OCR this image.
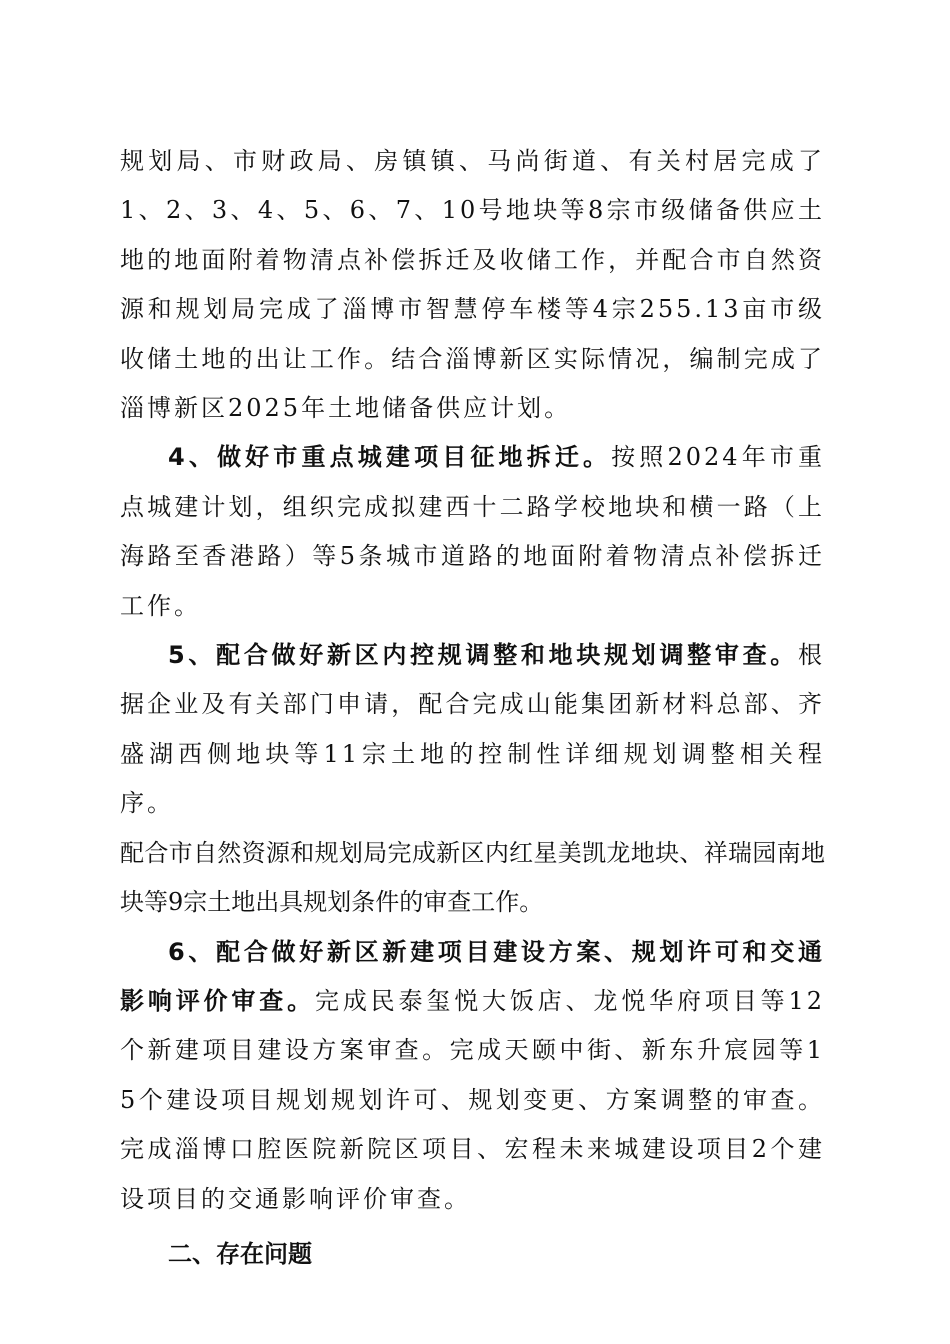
规划局、市财政局、房镇镇、马尚街道、有关村居完成了1、2、3、4、5、6、7、10号地块等8宗市级储备供应土地的地面附着物清点补偿拆迁及收储工作，并配合市自然资源和规划局完成了淄博市智慧停车楼等4宗255.13亩市级收储土地的出让工作。结合淄博新区实际情况，编制完成了淄博新区2025年土地储备供应计划。

4、做好市重点城建项目征地拆迁。按照2024年市重点城建计划，组织完成拟建西十二路学校地块和横一路（上海路至香港路）等5条城市道路的地面附着物清点补偿拆迁工作。

5、配合做好新区内控规调整和地块规划调整审查。根据企业及有关部门申请，配合完成山能集团新材料总部、齐盛湖西侧地块等11宗土地的控制性详细规划调整相关程序。

配合市自然资源和规划局完成新区内红星美凯龙地块、祥瑞园南地块等9宗土地出具规划条件的审查工作。

6、配合做好新区新建项目建设方案、规划许可和交通影响评价审查。完成民泰玺悦大饭店、龙悦华府项目等12个新建项目建设方案审查。完成天颐中街、新东升宸园等15个建设项目规划规划许可、规划变更、方案调整的审查。完成淄博口腔医院新院区项目、宏程未来城建设项目2个建设项目的交通影响评价审查。

二、存在问题
